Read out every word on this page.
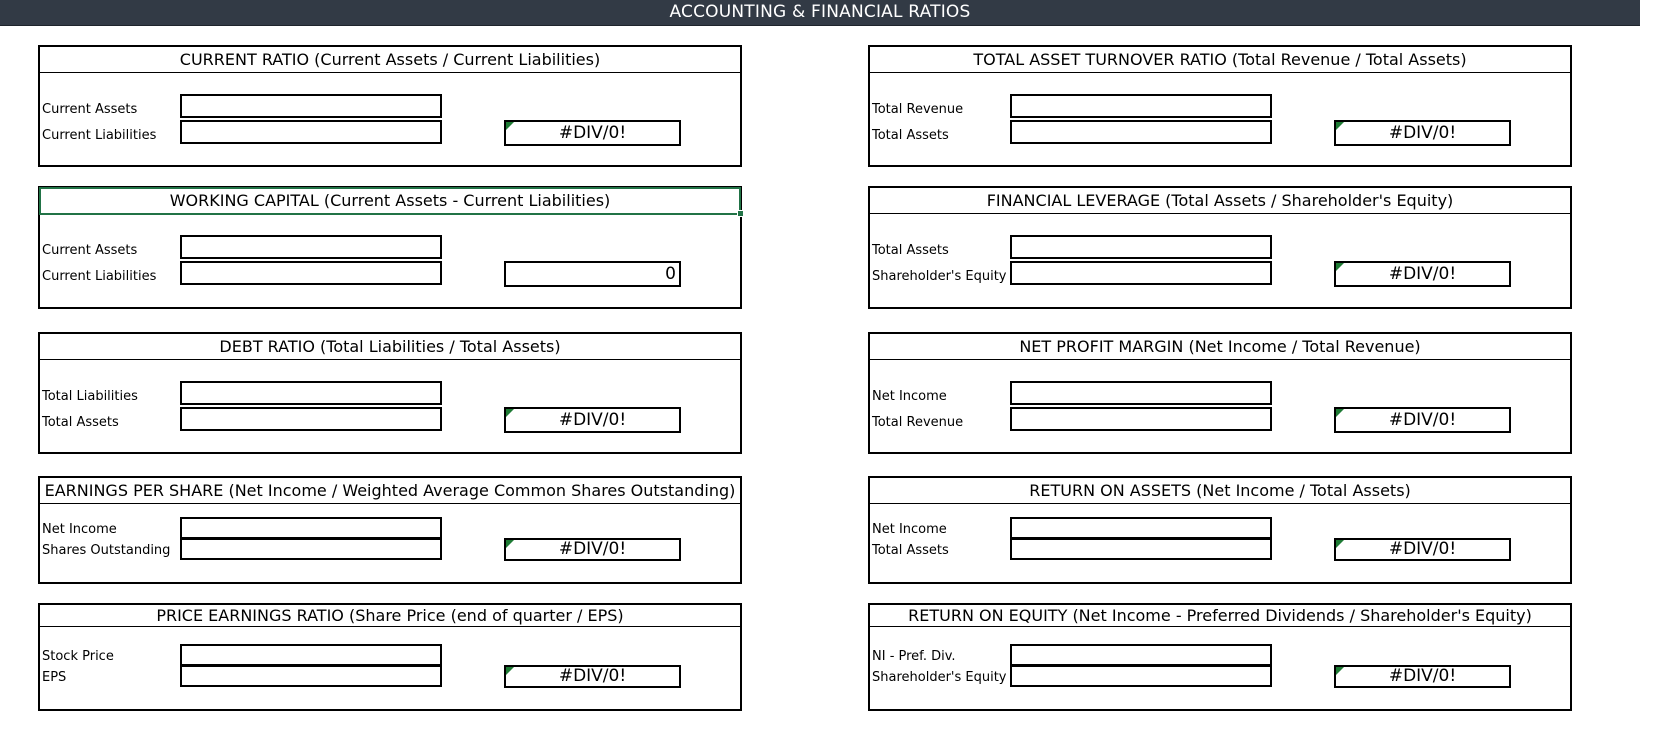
ACCOUNTING & FINANCIAL RATIOS
CURRENT RATIO (Current Assets / Current Liabilities)
Current Assets
Current Liabilities	#DIV/0!
WORKING CAPITAL (Current Assets - Current Liabilities)
Current Assets
Current Liabilities	0
DEBT RATIO (Total Liabilities / Total Assets)
Total Liabilities
Total Assets	#DIV/0!
EARNINGS PER SHARE (Net Income / Weighted Average Common Shares Outstanding)
Net Income
Shares Outstanding	#DIV/0!
PRICE EARNINGS RATIO (Share Price (end of quarter / EPS)
Stock Price
EPS	#DIV/0!
TOTAL ASSET TURNOVER RATIO (Total Revenue / Total Assets)
Total Revenue
Total Assets	#DIV/0!
FINANCIAL LEVERAGE (Total Assets / Shareholder's Equity)
Total Assets
Shareholder's Equity	#DIV/0!
NET PROFIT MARGIN (Net Income / Total Revenue)
Net Income
Total Revenue	#DIV/0!
RETURN ON ASSETS (Net Income / Total Assets)
Net Income
Total Assets	#DIV/0!
RETURN ON EQUITY (Net Income - Preferred Dividends / Shareholder's Equity)
NI - Pref. Div.
Shareholder's Equity	#DIV/0!
